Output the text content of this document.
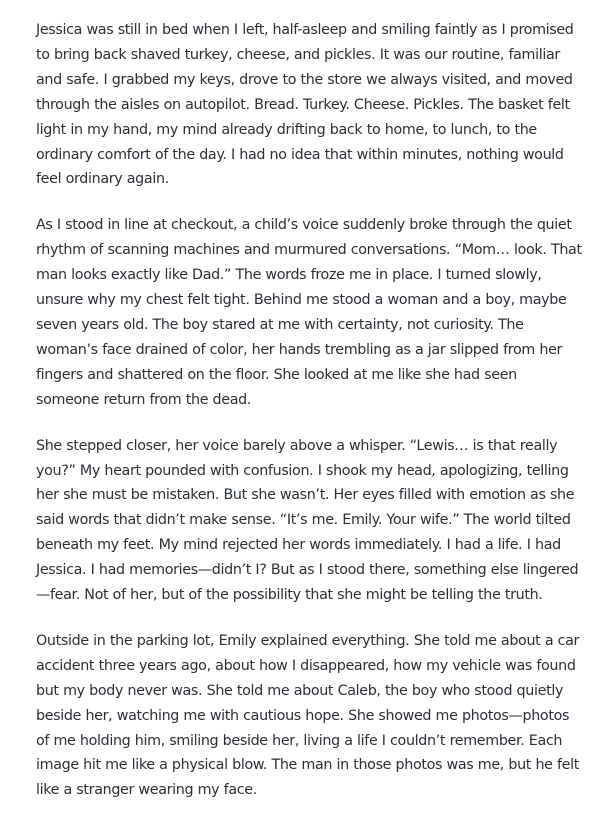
Jessica was still in bed when I left, half-asleep and smiling faintly as I promised to bring back shaved turkey, cheese, and pickles. It was our routine, familiar and safe. I grabbed my keys, drove to the store we always visited, and moved through the aisles on autopilot. Bread. Turkey. Cheese. Pickles. The basket felt light in my hand, my mind already drifting back to home, to lunch, to the ordinary comfort of the day. I had no idea that within minutes, nothing would feel ordinary again.

As I stood in line at checkout, a child’s voice suddenly broke through the quiet rhythm of scanning machines and murmured conversations. “Mom… look. That man looks exactly like Dad.” The words froze me in place. I turned slowly, unsure why my chest felt tight. Behind me stood a woman and a boy, maybe seven years old. The boy stared at me with certainty, not curiosity. The woman’s face drained of color, her hands trembling as a jar slipped from her fingers and shattered on the floor. She looked at me like she had seen someone return from the dead.

She stepped closer, her voice barely above a whisper. “Lewis… is that really you?” My heart pounded with confusion. I shook my head, apologizing, telling her she must be mistaken. But she wasn’t. Her eyes filled with emotion as she said words that didn’t make sense. “It’s me. Emily. Your wife.” The world tilted beneath my feet. My mind rejected her words immediately. I had a life. I had Jessica. I had memories—didn’t I? But as I stood there, something else lingered—fear. Not of her, but of the possibility that she might be telling the truth.

Outside in the parking lot, Emily explained everything. She told me about a car accident three years ago, about how I disappeared, how my vehicle was found but my body never was. She told me about Caleb, the boy who stood quietly beside her, watching me with cautious hope. She showed me photos—photos of me holding him, smiling beside her, living a life I couldn’t remember. Each image hit me like a physical blow. The man in those photos was me, but he felt like a stranger wearing my face.
